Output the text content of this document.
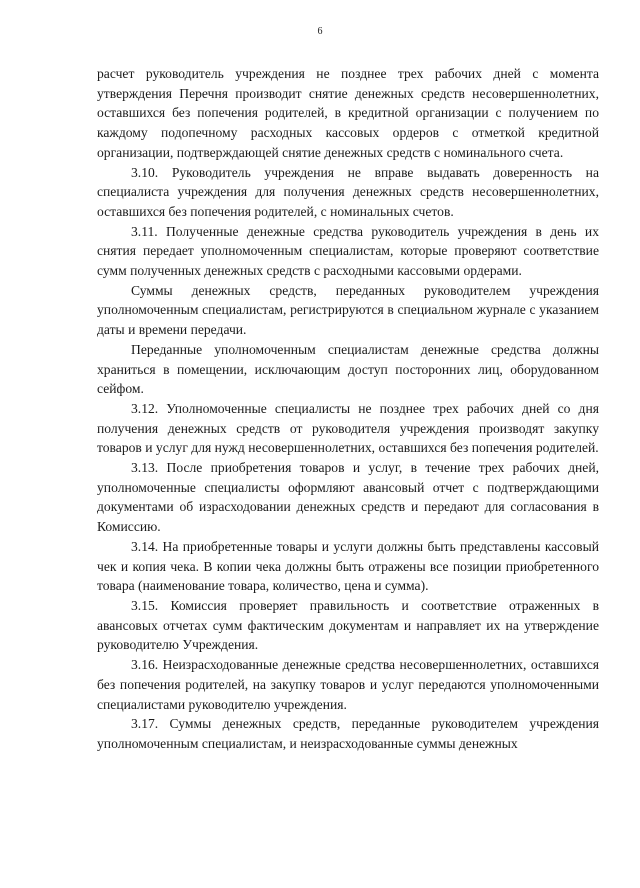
6

расчет руководитель учреждения не позднее трех рабочих дней с момента утверждения Перечня производит снятие денежных средств несовершеннолетних, оставшихся без попечения родителей, в кредитной организации с получением по каждому подопечному расходных кассовых ордеров с отметкой кредитной организации, подтверждающей снятие денежных средств с номинального счета.

3.10. Руководитель учреждения не вправе выдавать доверенность на специалиста учреждения для получения денежных средств несовершеннолетних, оставшихся без попечения родителей, с номинальных счетов.

3.11. Полученные денежные средства руководитель учреждения в день их снятия передает уполномоченным специалистам, которые проверяют соответствие сумм полученных денежных средств с расходными кассовыми ордерами.

Суммы денежных средств, переданных руководителем учреждения уполномоченным специалистам, регистрируются в специальном журнале с указанием даты и времени передачи.

Переданные уполномоченным специалистам денежные средства должны храниться в помещении, исключающим доступ посторонних лиц, оборудованном сейфом.

3.12. Уполномоченные специалисты не позднее трех рабочих дней со дня получения денежных средств от руководителя учреждения производят закупку товаров и услуг для нужд несовершеннолетних, оставшихся без попечения родителей.

3.13. После приобретения товаров и услуг, в течение трех рабочих дней, уполномоченные специалисты оформляют авансовый отчет с подтверждающими документами об израсходовании денежных средств и передают для согласования в Комиссию.

3.14. На приобретенные товары и услуги должны быть представлены кассовый чек и копия чека. В копии чека должны быть отражены все позиции приобретенного товара (наименование товара, количество, цена и сумма).

3.15. Комиссия проверяет правильность и соответствие отраженных в авансовых отчетах сумм фактическим документам и направляет их на утверждение руководителю Учреждения.

3.16. Неизрасходованные денежные средства несовершеннолетних, оставшихся без попечения родителей, на закупку товаров и услуг передаются уполномоченными специалистами руководителю учреждения.

3.17. Суммы денежных средств, переданные руководителем учреждения уполномоченным специалистам, и неизрасходованные суммы денежных
